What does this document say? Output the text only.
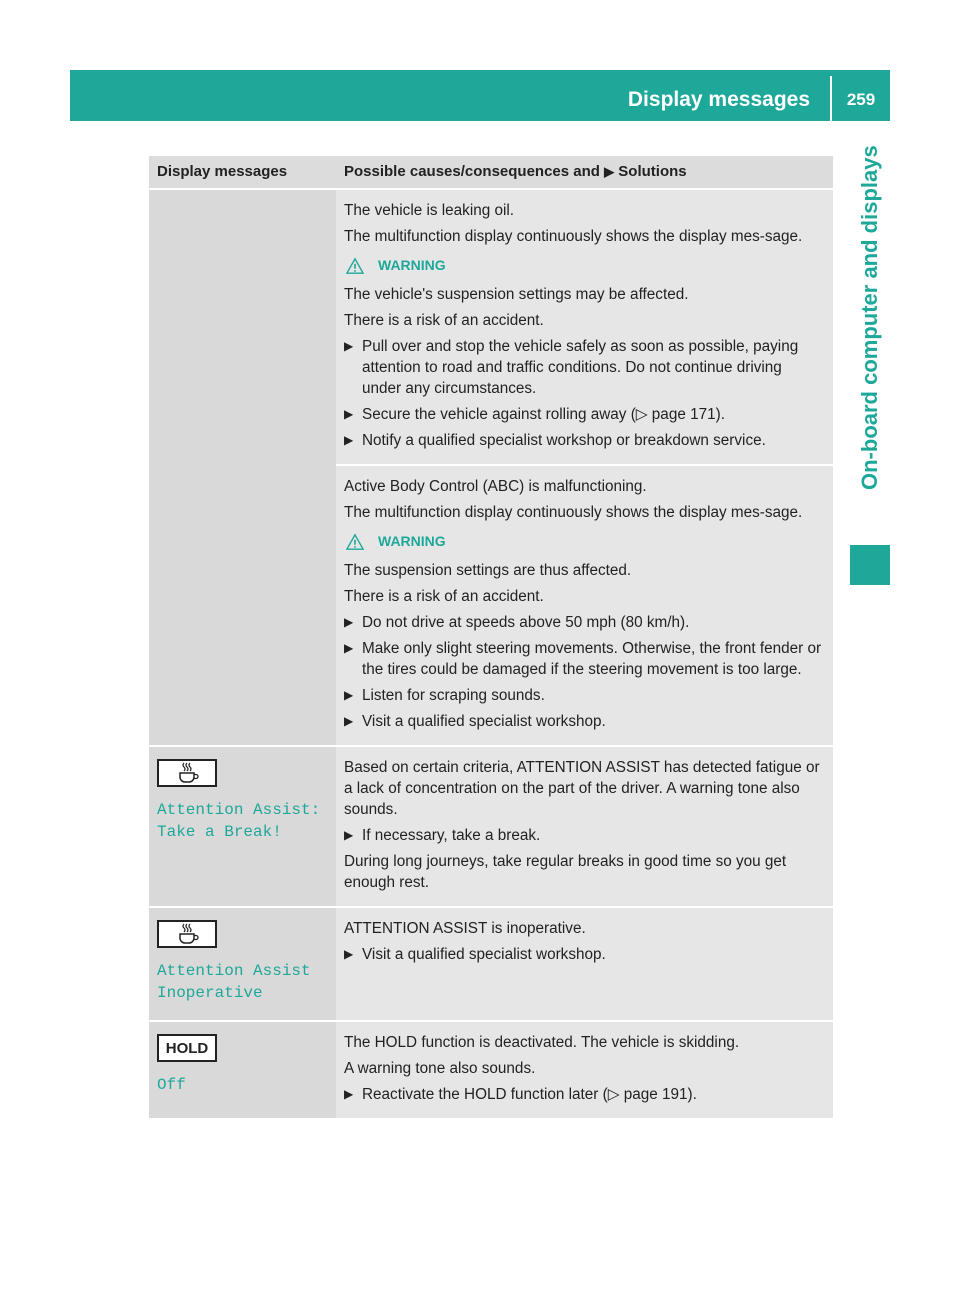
Display messages	259
On-board computer and displays
Display messages	Possible causes/consequences and ▶ Solutions

The vehicle is leaking oil.

The multifunction display continuously shows the display mes-sage.

WARNING

The vehicle's suspension settings may be affected.

There is a risk of an accident.

▶ Pull over and stop the vehicle safely as soon as possible, paying attention to road and traffic conditions. Do not continue driving under any circumstances.
▶ Secure the vehicle against rolling away (▷ page 171).
▶ Notify a qualified specialist workshop or breakdown service.

Active Body Control (ABC) is malfunctioning.

The multifunction display continuously shows the display mes-sage.

WARNING

The suspension settings are thus affected.

There is a risk of an accident.

▶ Do not drive at speeds above 50 mph (80 km/h).
▶ Make only slight steering movements. Otherwise, the front fender or the tires could be damaged if the steering movement is too large.
▶ Listen for scraping sounds.
▶ Visit a qualified specialist workshop.
Attention Assist:
Take a Break!

Based on certain criteria, ATTENTION ASSIST has detected fatigue or a lack of concentration on the part of the driver. A warning tone also sounds.

▶ If necessary, take a break.

During long journeys, take regular breaks in good time so you get enough rest.

Attention Assist
Inoperative

ATTENTION ASSIST is inoperative.

▶ Visit a qualified specialist workshop.
HOLD
Off

The HOLD function is deactivated. The vehicle is skidding.

A warning tone also sounds.

▶ Reactivate the HOLD function later (▷ page 191).
